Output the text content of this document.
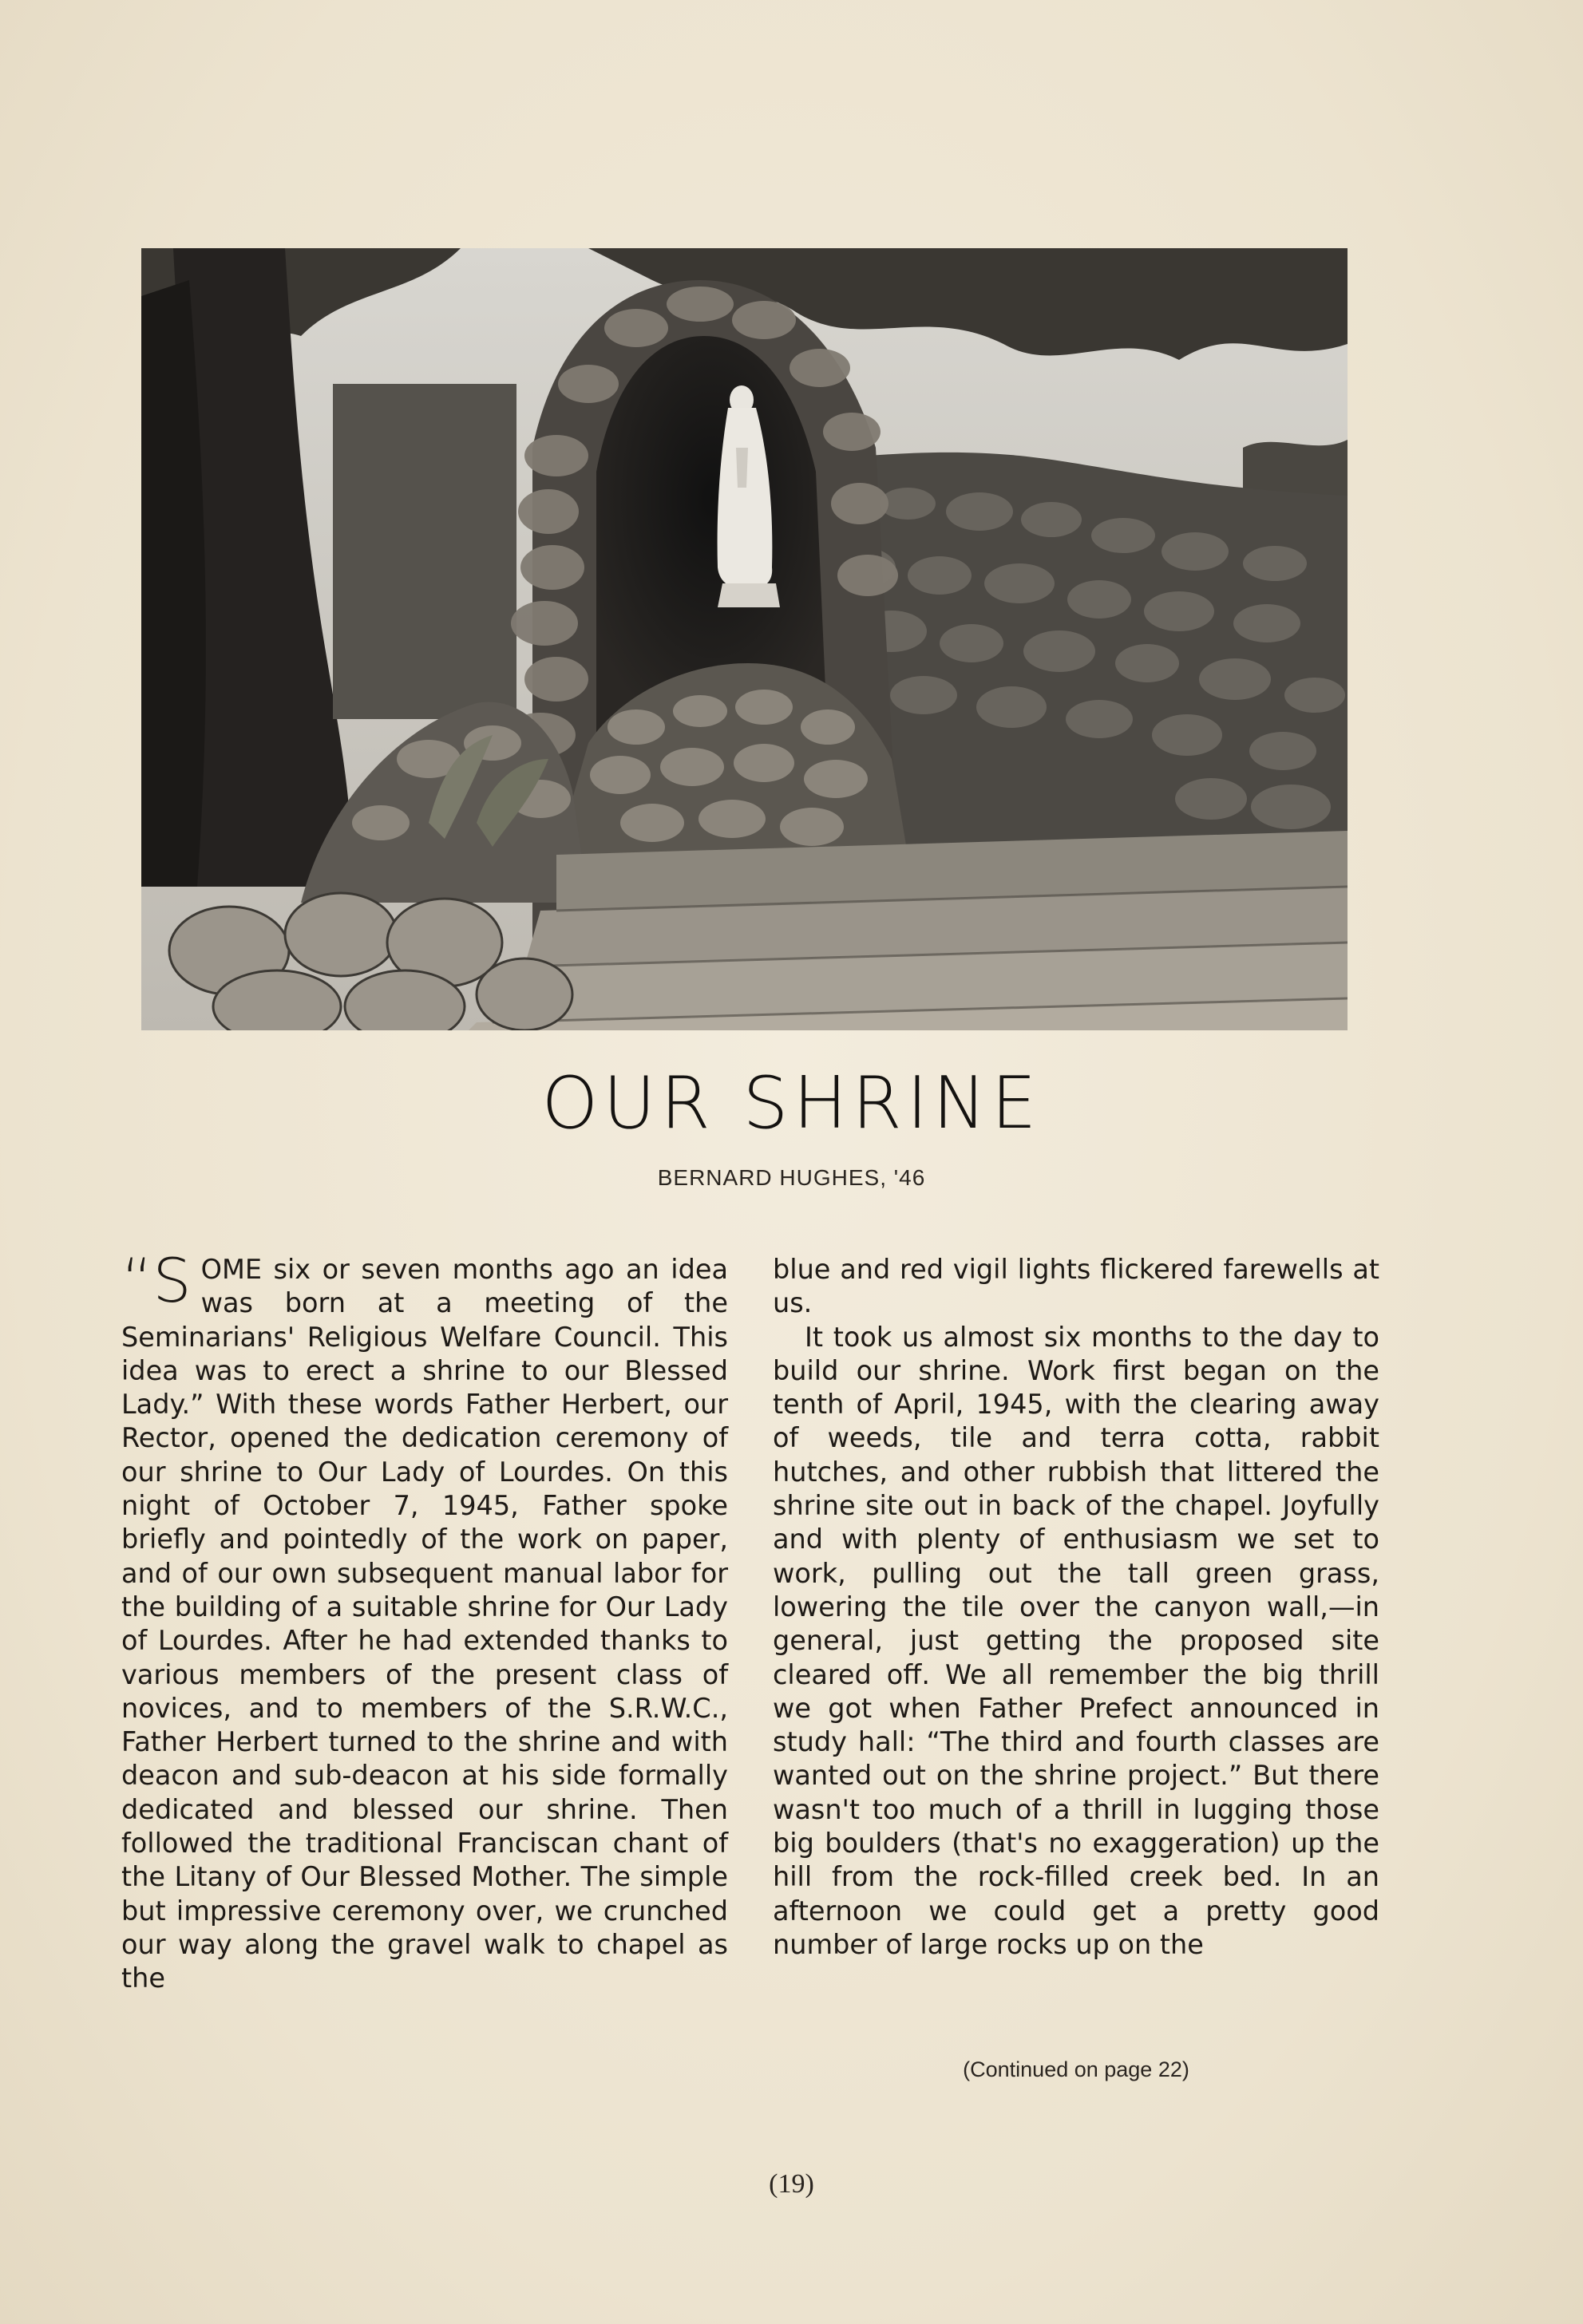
OUR SHRINE
BERNARD HUGHES, '46

“SOME six or seven months ago an idea was born at a meeting of the Seminarians' Religious Welfare Council. This idea was to erect a shrine to our Blessed Lady.” With these words Father Herbert, our Rector, opened the dedication ceremony of our shrine to Our Lady of Lourdes. On this night of October 7, 1945, Father spoke briefly and pointedly of the work on paper, and of our own subsequent manual labor for the building of a suitable shrine for Our Lady of Lourdes. After he had extended thanks to various members of the present class of novices, and to members of the S.R.W.C., Father Herbert turned to the shrine and with deacon and sub-deacon at his side formally dedicated and blessed our shrine. Then followed the traditional Franciscan chant of the Litany of Our Blessed Mother. The simple but impressive ceremony over, we crunched our way along the gravel walk to chapel as the

blue and red vigil lights flickered farewells at us.

It took us almost six months to the day to build our shrine. Work first began on the tenth of April, 1945, with the clearing away of weeds, tile and terra cotta, rabbit hutches, and other rubbish that littered the shrine site out in back of the chapel. Joyfully and with plenty of enthusiasm we set to work, pulling out the tall green grass, lowering the tile over the canyon wall,—in general, just getting the proposed site cleared off. We all remember the big thrill we got when Father Prefect announced in study hall: “The third and fourth classes are wanted out on the shrine project.” But there wasn't too much of a thrill in lugging those big boulders (that's no exaggeration) up the hill from the rock-filled creek bed. In an afternoon we could get a pretty good number of large rocks up on the

(Continued on page 22)
(19)
